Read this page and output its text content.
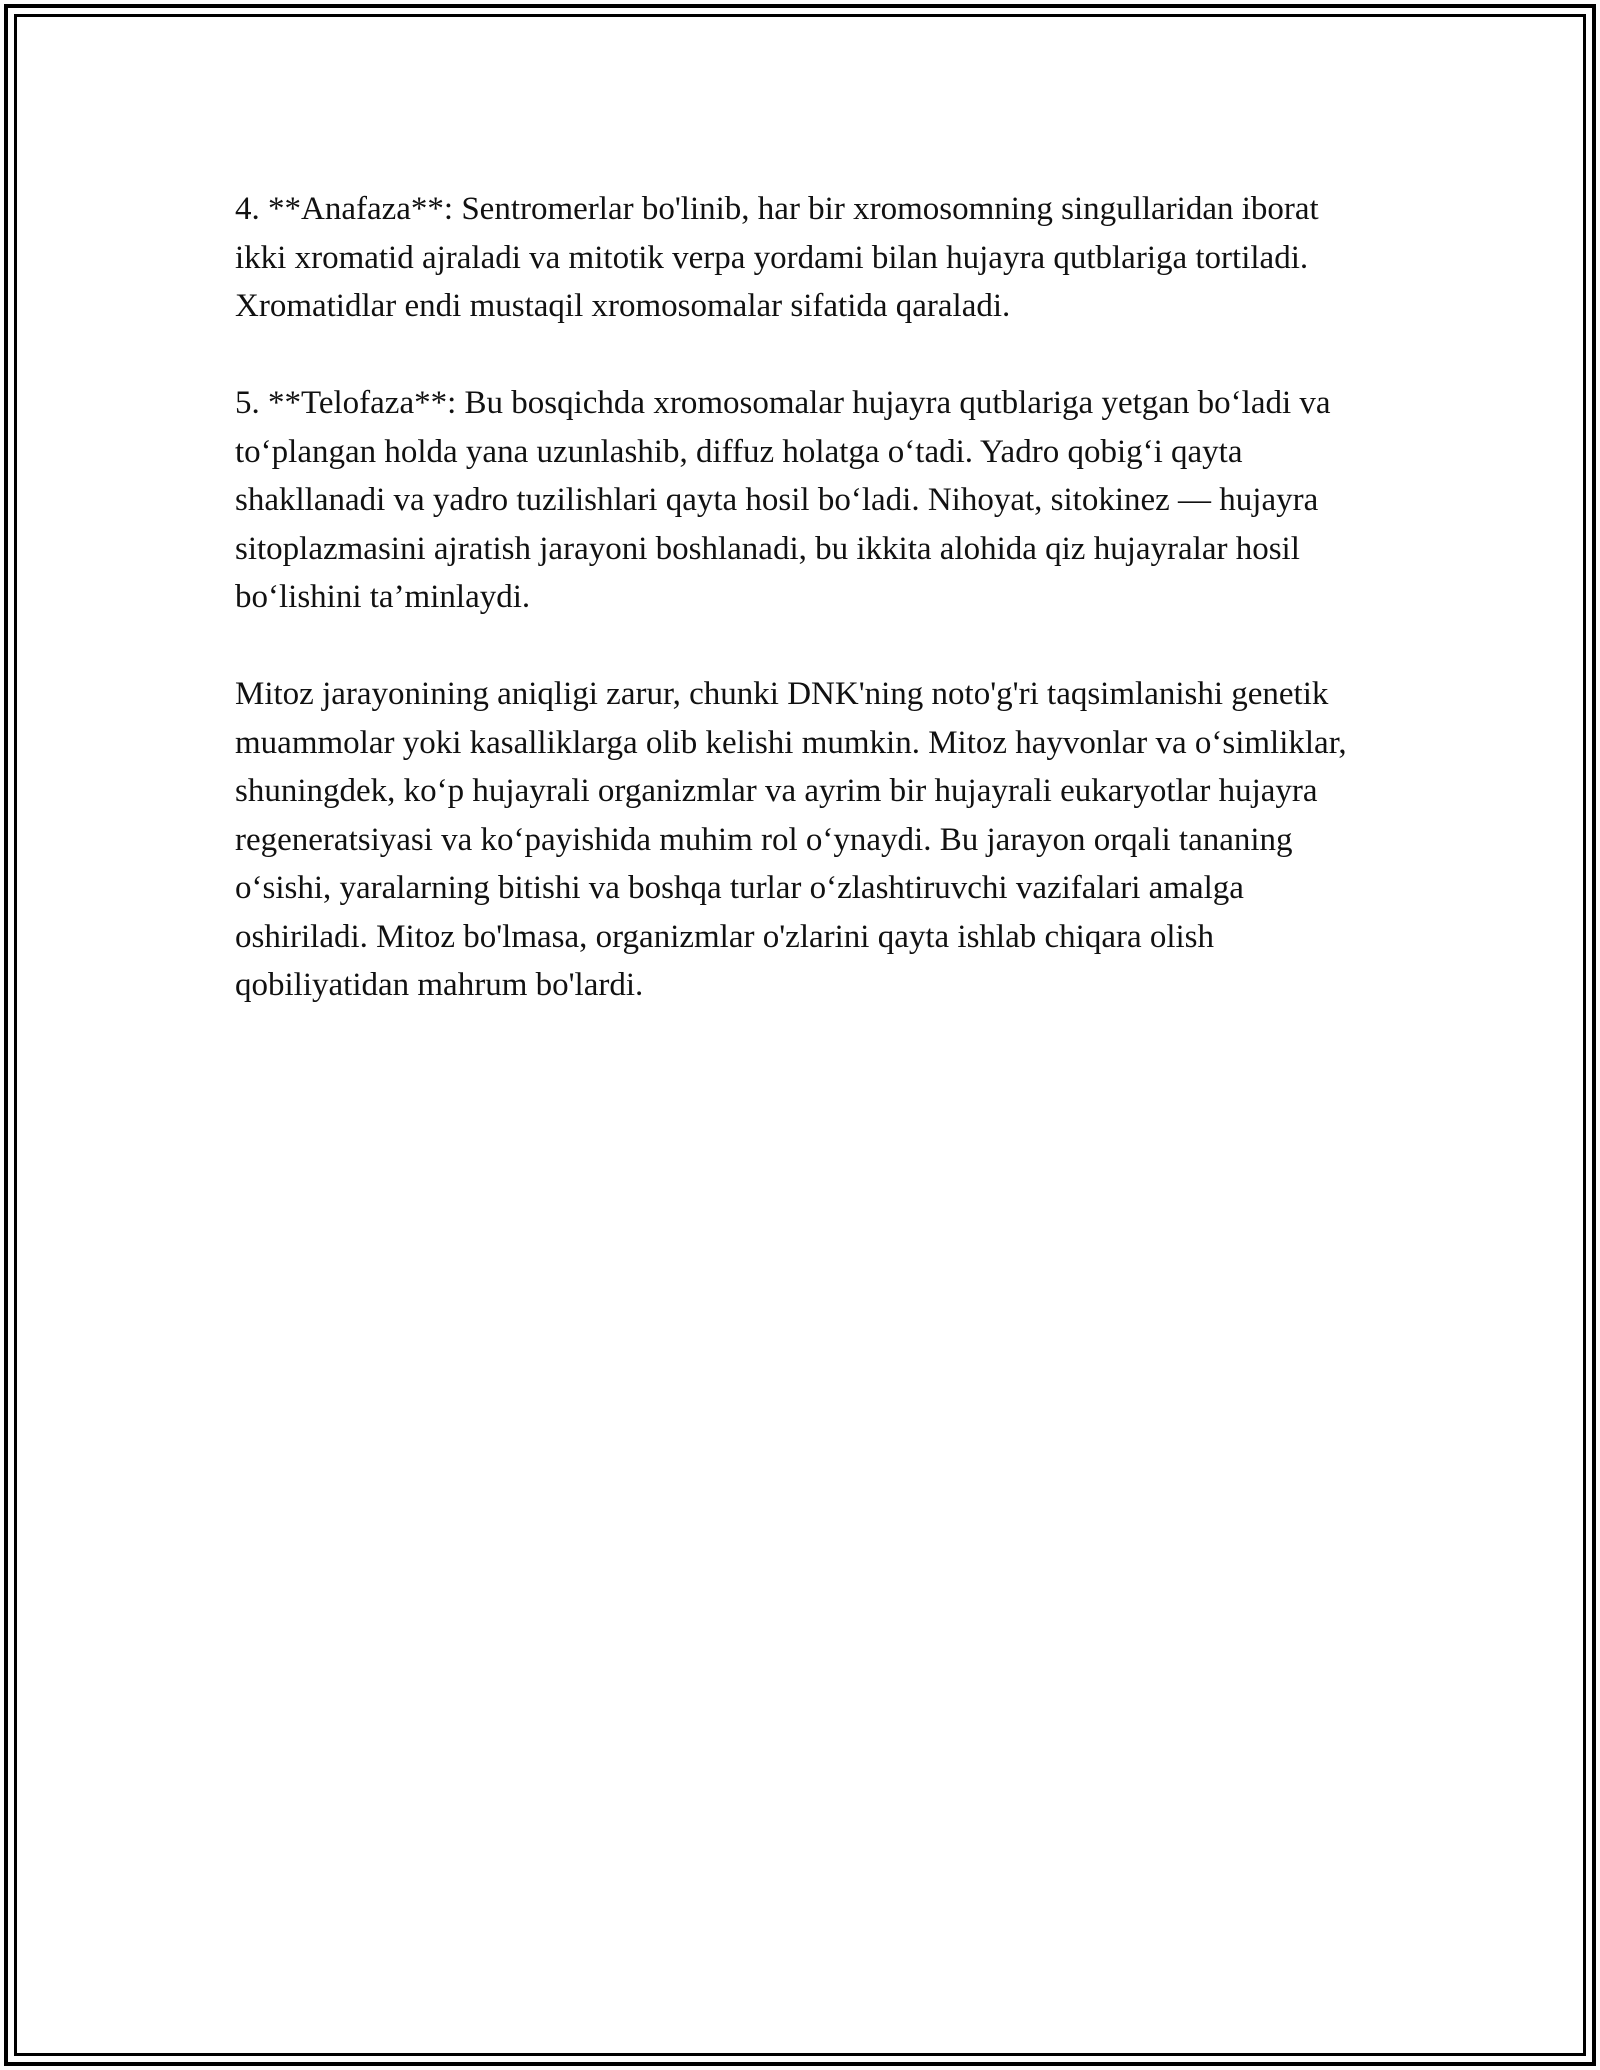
4. **Anafaza**: Sentromerlar bo'linib, har bir xromosomning singullaridan iborat ikki xromatid ajraladi va mitotik verpa yordami bilan hujayra qutblariga tortiladi. Xromatidlar endi mustaqil xromosomalar sifatida qaraladi.

5. **Telofaza**: Bu bosqichda xromosomalar hujayra qutblariga yetgan bo‘ladi va to‘plangan holda yana uzunlashib, diffuz holatga o‘tadi. Yadro qobig‘i qayta shakllanadi va yadro tuzilishlari qayta hosil bo‘ladi. Nihoyat, sitokinez — hujayra sitoplazmasini ajratish jarayoni boshlanadi, bu ikkita alohida qiz hujayralar hosil bo‘lishini ta’minlaydi.

Mitoz jarayonining aniqligi zarur, chunki DNK'ning noto'g'ri taqsimlanishi genetik muammolar yoki kasalliklarga olib kelishi mumkin. Mitoz hayvonlar va o‘simliklar, shuningdek, ko‘p hujayrali organizmlar va ayrim bir hujayrali eukaryotlar hujayra regeneratsiyasi va ko‘payishida muhim rol o‘ynaydi. Bu jarayon orqali tananing o‘sishi, yaralarning bitishi va boshqa turlar o‘zlashtiruvchi vazifalari amalga oshiriladi. Mitoz bo'lmasa, organizmlar o'zlarini qayta ishlab chiqara olish qobiliyatidan mahrum bo'lardi.
